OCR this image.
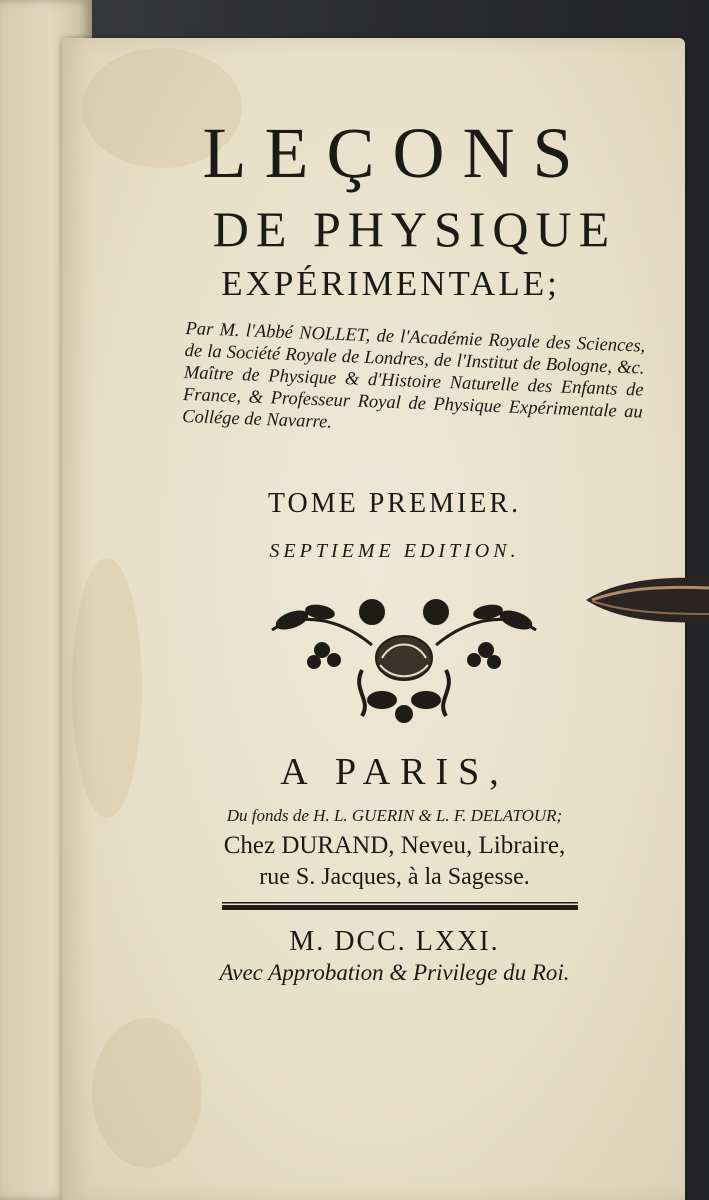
LEÇONS
DE PHYSIQUE
EXPÉRIMENTALE;
Par M. l'Abbé NOLLET, de l'Académie Royale des Sciences, de la Société Royale de Londres, de l'Institut de Bologne, &c. Maître de Physique & d'Histoire Naturelle des Enfants de France, & Professeur Royal de Physique Expérimentale au Collége de Navarre.
TOME PREMIER.
SEPTIEME EDITION.
A PARIS,
Du fonds de H. L. GUERIN & L. F. DELATOUR;
Chez DURAND, Neveu, Libraire,
rue S. Jacques, à la Sagesse.
M. DCC. LXXI.
Avec Approbation & Privilege du Roi.
